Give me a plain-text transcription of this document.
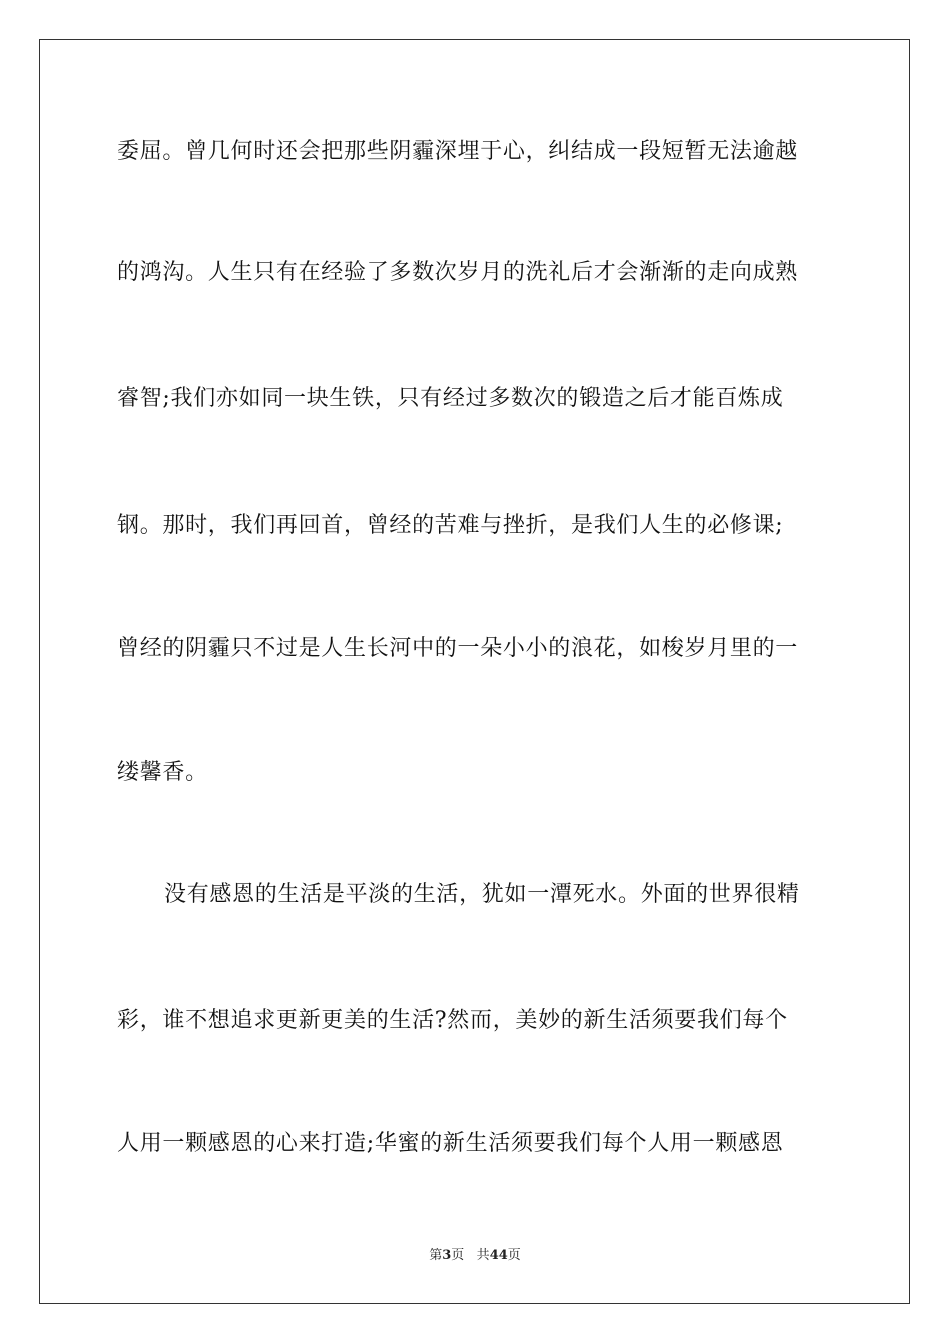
委屈。曾几何时还会把那些阴霾深埋于心，纠结成一段短暂无法逾越
的鸿沟。人生只有在经验了多数次岁月的洗礼后才会渐渐的走向成熟
睿智;我们亦如同一块生铁，只有经过多数次的锻造之后才能百炼成
钢。那时，我们再回首，曾经的苦难与挫折，是我们人生的必修课;
曾经的阴霾只不过是人生长河中的一朵小小的浪花，如梭岁月里的一
缕馨香。
没有感恩的生活是平淡的生活，犹如一潭死水。外面的世界很精
彩，谁不想追求更新更美的生活?然而，美妙的新生活须要我们每个
人用一颗感恩的心来打造;华蜜的新生活须要我们每个人用一颗感恩
第3页 共44页
